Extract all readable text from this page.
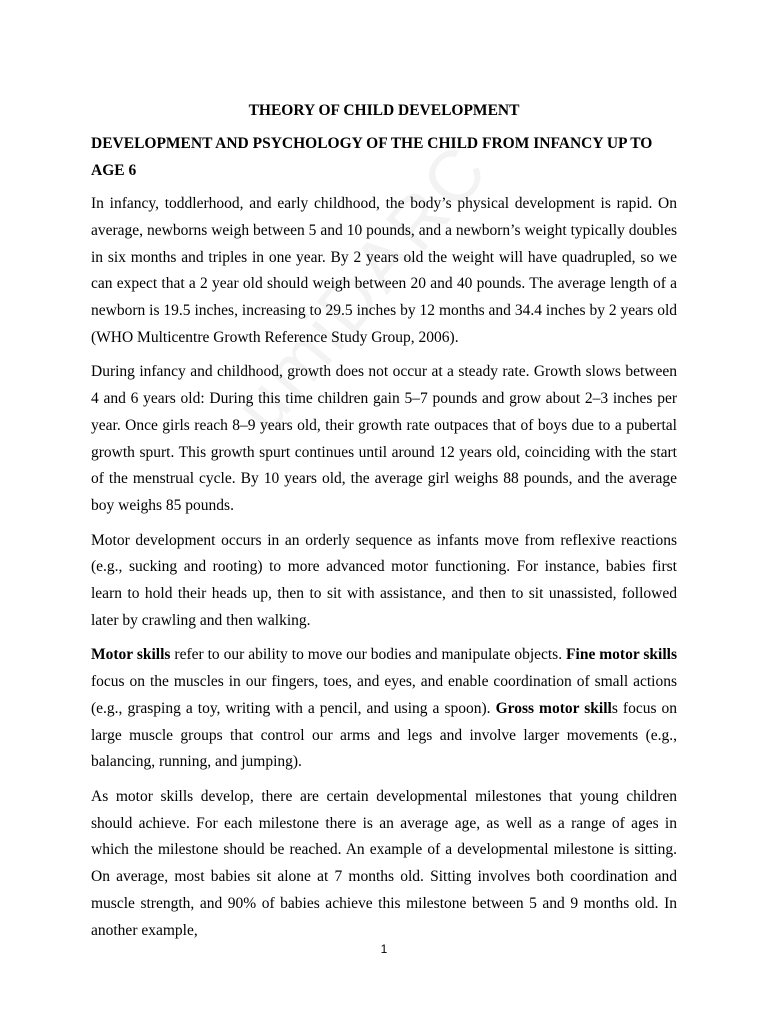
THEORY OF CHILD DEVELOPMENT
DEVELOPMENT AND PSYCHOLOGY OF THE CHILD FROM INFANCY UP TO AGE 6

In infancy, toddlerhood, and early childhood, the body’s physical development is rapid. On average, newborns weigh between 5 and 10 pounds, and a newborn’s weight typically doubles in six months and triples in one year. By 2 years old the weight will have quadrupled, so we can expect that a 2 year old should weigh between 20 and 40 pounds. The average length of a newborn is 19.5 inches, increasing to 29.5 inches by 12 months and 34.4 inches by 2 years old (WHO Multicentre Growth Reference Study Group, 2006).

During infancy and childhood, growth does not occur at a steady rate. Growth slows between 4 and 6 years old: During this time children gain 5–7 pounds and grow about 2–3 inches per year. Once girls reach 8–9 years old, their growth rate outpaces that of boys due to a pubertal growth spurt. This growth spurt continues until around 12 years old, coinciding with the start of the menstrual cycle. By 10 years old, the average girl weighs 88 pounds, and the average boy weighs 85 pounds.

Motor development occurs in an orderly sequence as infants move from reflexive reactions (e.g., sucking and rooting) to more advanced motor functioning. For instance, babies first learn to hold their heads up, then to sit with assistance, and then to sit unassisted, followed later by crawling and then walking.

Motor skills refer to our ability to move our bodies and manipulate objects. Fine motor skills focus on the muscles in our fingers, toes, and eyes, and enable coordination of small actions (e.g., grasping a toy, writing with a pencil, and using a spoon). Gross motor skills focus on large muscle groups that control our arms and legs and involve larger movements (e.g., balancing, running, and jumping).

As motor skills develop, there are certain developmental milestones that young children should achieve. For each milestone there is an average age, as well as a range of ages in which the milestone should be reached. An example of a developmental milestone is sitting. On average, most babies sit alone at 7 months old. Sitting involves both coordination and muscle strength, and 90% of babies achieve this milestone between 5 and 9 months old. In another example,

1
